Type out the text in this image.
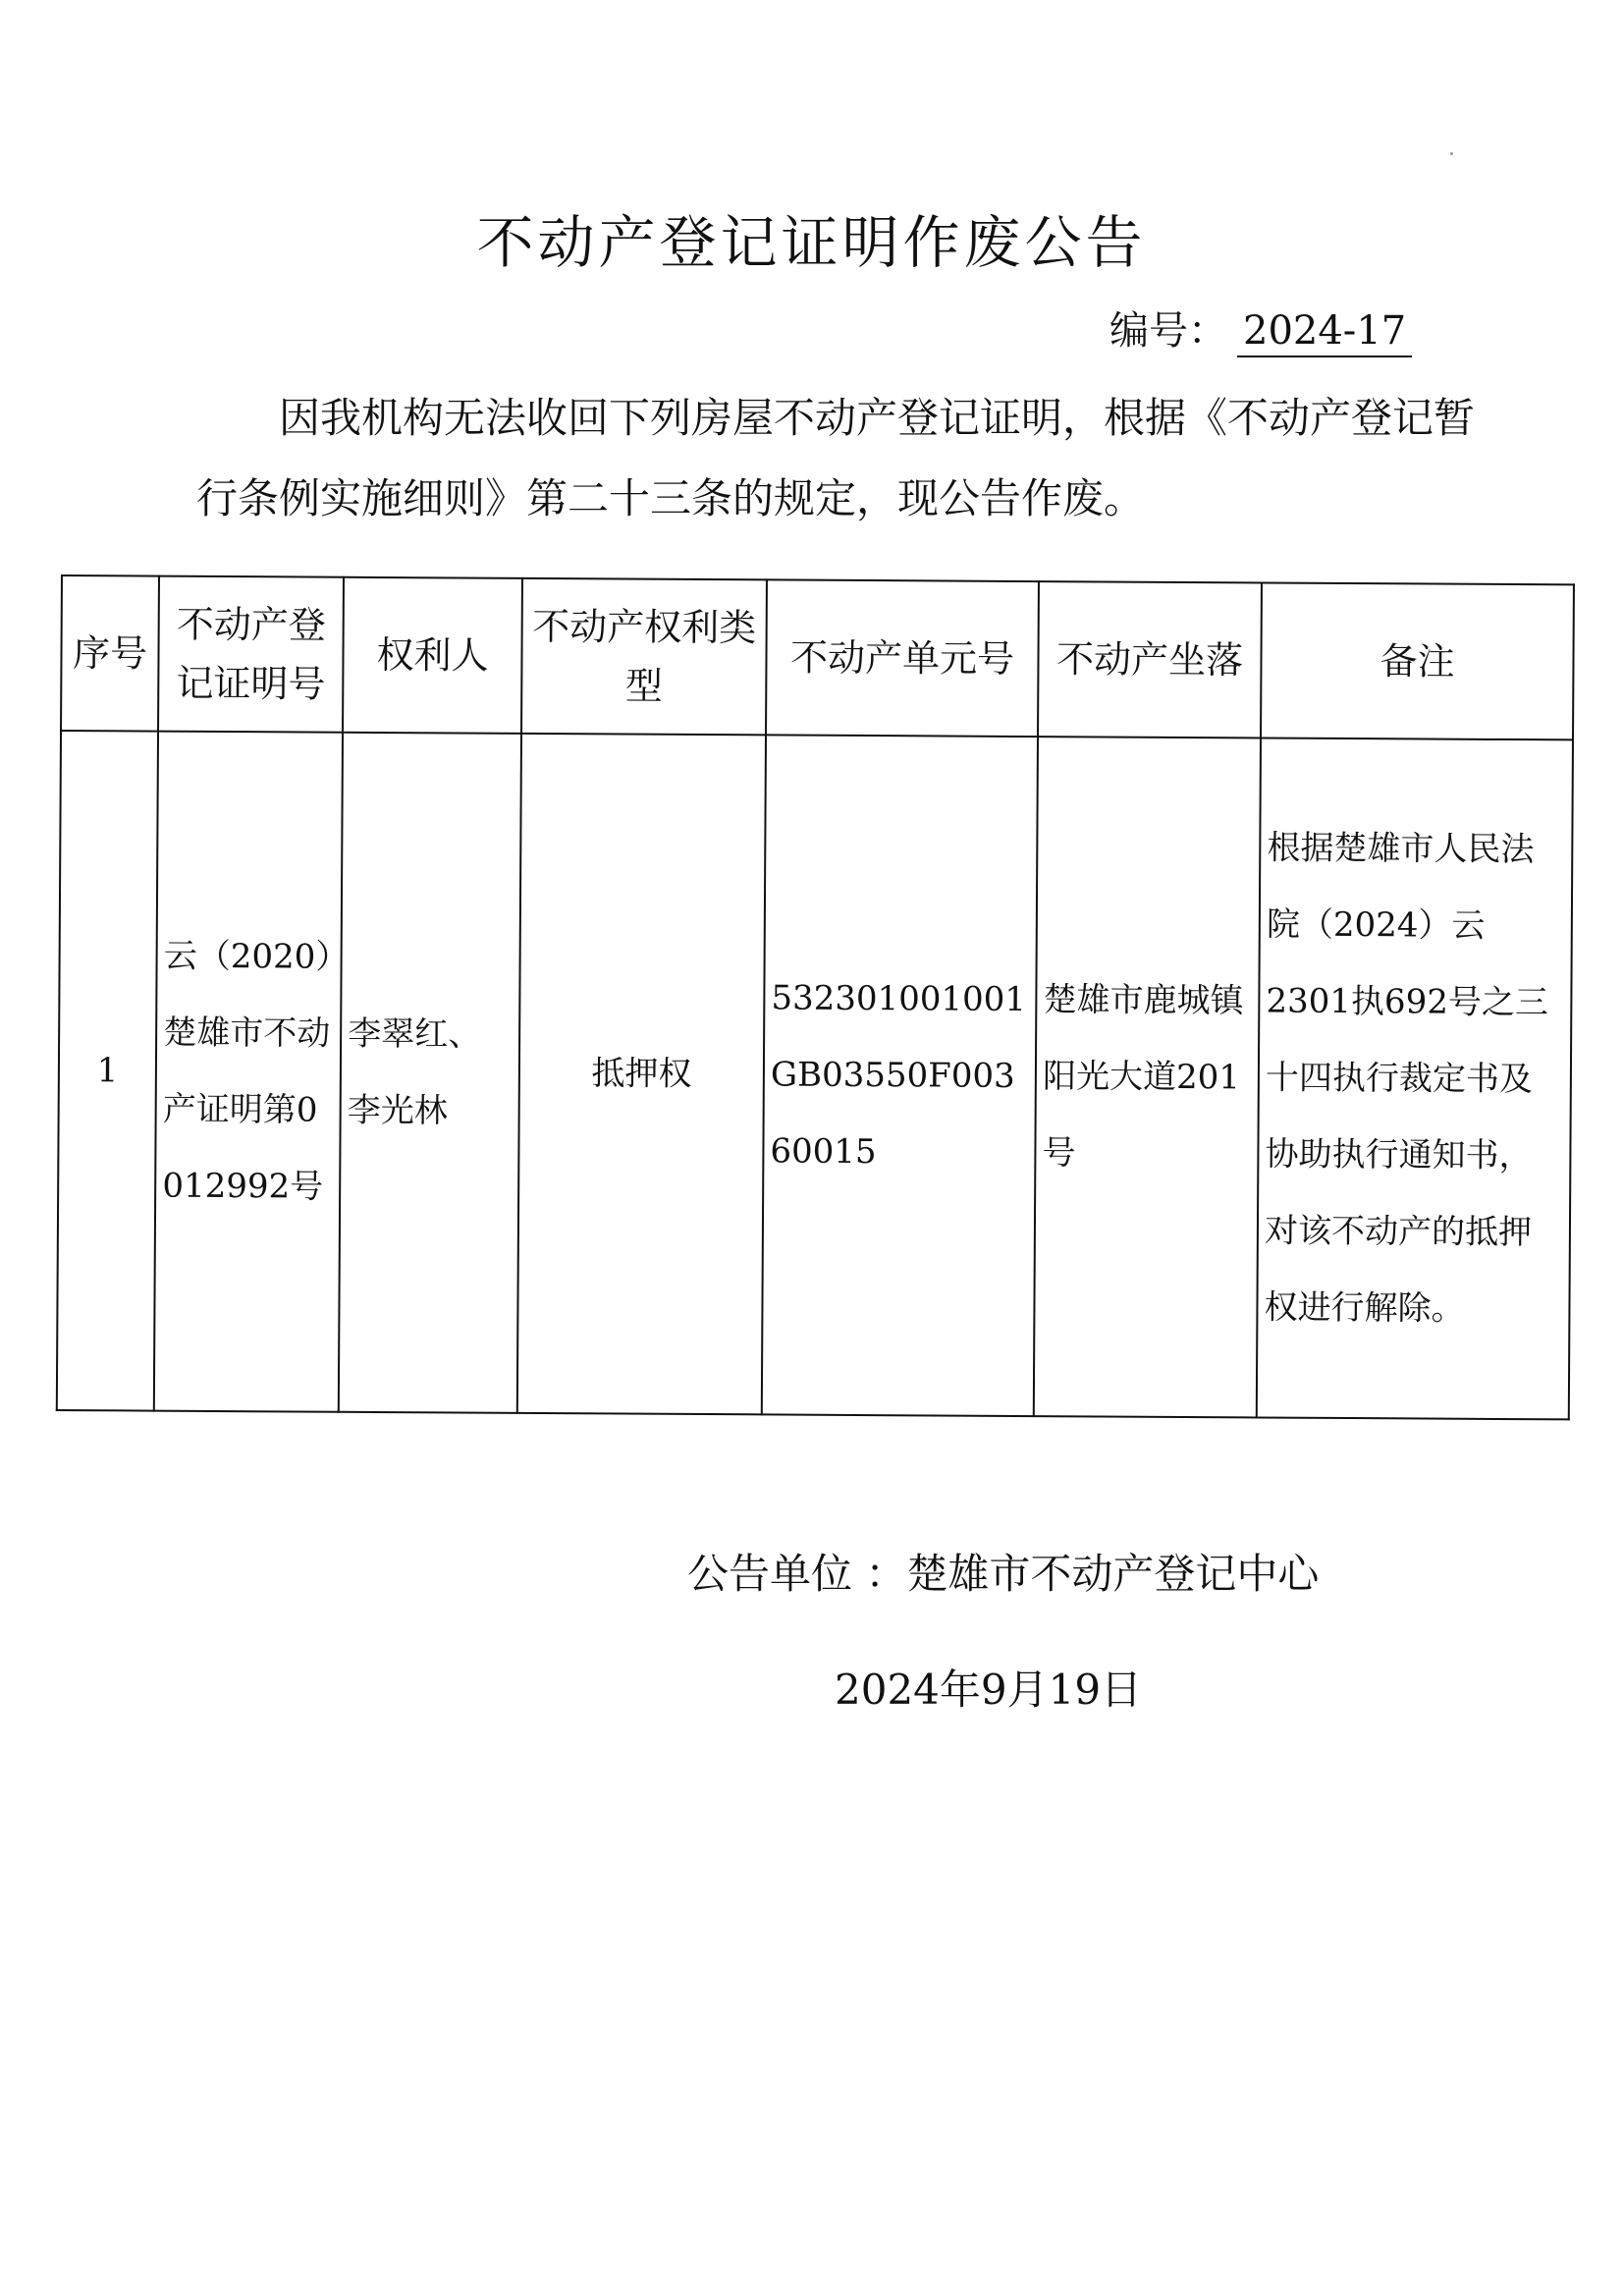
不动产登记证明作废公告
编号： 2024-17
因我机构无法收回下列房屋不动产登记证明，根据《不动产登记暂行条例实施细则》第二十三条的规定，现公告作废。
序号	不动产登记证明号	权利人	不动产权利类型	不动产单元号	不动产坐落	备注
1	云（2020）楚雄市不动产证明第0012992号	李翠红、李光林	抵押权	532301001001GB03550F00360015	楚雄市鹿城镇阳光大道201号	根据楚雄市人民法院（2024）云2301执692号之三十四执行裁定书及协助执行通知书，对该不动产的抵押权进行解除。
公告单位 ：楚雄市不动产登记中心
2024年9月19日
